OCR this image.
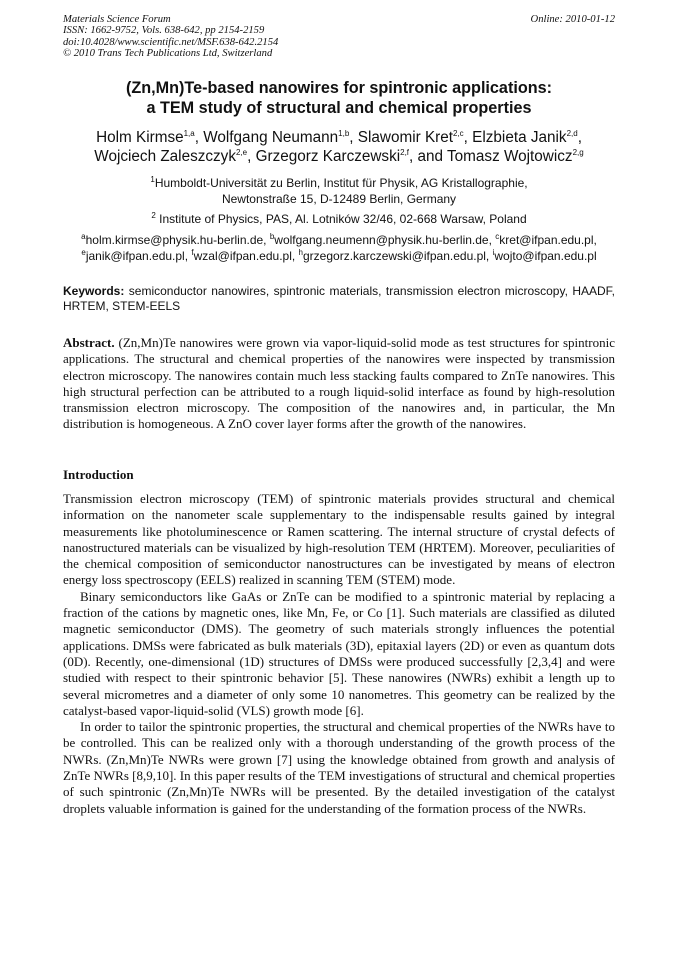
Materials Science Forum
ISSN: 1662-9752, Vols. 638-642, pp 2154-2159
doi:10.4028/www.scientific.net/MSF.638-642.2154
© 2010 Trans Tech Publications Ltd, Switzerland
Online: 2010-01-12
(Zn,Mn)Te-based nanowires for spintronic applications:
a TEM study of structural and chemical properties
Holm Kirmse$^{1,a}$, Wolfgang Neumann$^{1,b}$, Slawomir Kret$^{2,c}$, Elzbieta Janik$^{2,d}$,
Wojciech Zaleszczyk$^{2,e}$, Grzegorz Karczewski$^{2,f}$, and Tomasz Wojtowicz$^{2,g}$
$^1$Humboldt-Universität zu Berlin, Institut für Physik, AG Kristallographie,
Newtonstraße 15, D-12489 Berlin, Germany
$^2$ Institute of Physics, PAS, Al. Lotników 32/46, 02-668 Warsaw, Poland
$^a$holm.kirmse@physik.hu-berlin.de, $^b$wolfgang.neumenn@physik.hu-berlin.de, $^c$kret@ifpan.edu.pl,
$^e$janik@ifpan.edu.pl, $^f$wzal@ifpan.edu.pl, $^h$grzegorz.karczewski@ifpan.edu.pl, $^i$wojto@ifpan.edu.pl
Keywords: semiconductor nanowires, spintronic materials, transmission electron microscopy, HAADF, HRTEM, STEM-EELS
Abstract. (Zn,Mn)Te nanowires were grown via vapor-liquid-solid mode as test structures for spintronic applications. The structural and chemical properties of the nanowires were inspected by transmission electron microscopy. The nanowires contain much less stacking faults compared to ZnTe nanowires. This high structural perfection can be attributed to a rough liquid-solid interface as found by high-resolution transmission electron microscopy. The composition of the nanowires and, in particular, the Mn distribution is homogeneous. A ZnO cover layer forms after the growth of the nanowires.
Introduction

Transmission electron microscopy (TEM) of spintronic materials provides structural and chemical information on the nanometer scale supplementary to the indispensable results gained by integral measurements like photoluminescence or Ramen scattering. The internal structure of crystal defects of nanostructured materials can be visualized by high-resolution TEM (HRTEM). Moreover, peculiarities of the chemical composition of semiconductor nanostructures can be investigated by means of electron energy loss spectroscopy (EELS) realized in scanning TEM (STEM) mode.

Binary semiconductors like GaAs or ZnTe can be modified to a spintronic material by replacing a fraction of the cations by magnetic ones, like Mn, Fe, or Co [1]. Such materials are classified as diluted magnetic semiconductor (DMS). The geometry of such materials strongly influences the potential applications. DMSs were fabricated as bulk materials (3D), epitaxial layers (2D) or even as quantum dots (0D). Recently, one-dimensional (1D) structures of DMSs were produced successfully [2,3,4] and were studied with respect to their spintronic behavior [5]. These nanowires (NWRs) exhibit a length up to several micrometres and a diameter of only some 10 nanometres. This geometry can be realized by the catalyst-based vapor-liquid-solid (VLS) growth mode [6].

In order to tailor the spintronic properties, the structural and chemical properties of the NWRs have to be controlled. This can be realized only with a thorough understanding of the growth process of the NWRs. (Zn,Mn)Te NWRs were grown [7] using the knowledge obtained from growth and analysis of ZnTe NWRs [8,9,10]. In this paper results of the TEM investigations of structural and chemical properties of such spintronic (Zn,Mn)Te NWRs will be presented. By the detailed investigation of the catalyst droplets valuable information is gained for the understanding of the formation process of the NWRs.
